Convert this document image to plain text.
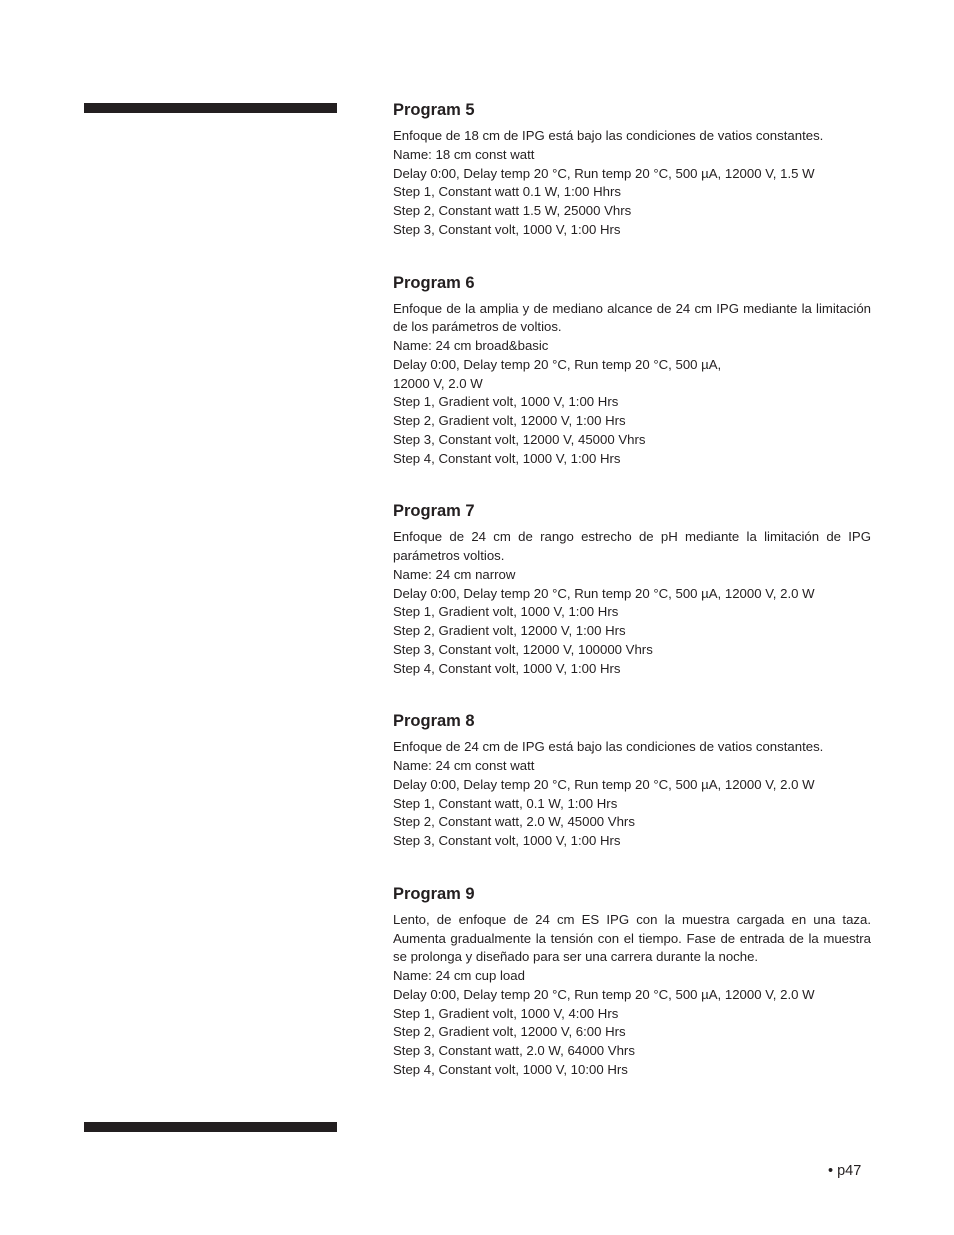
Program 5

Enfoque de 18 cm de IPG está bajo las condiciones de vatios constantes.

Name: 18 cm const watt
Delay 0:00, Delay temp 20 °C, Run temp 20 °C, 500 µA, 12000 V, 1.5 W
Step 1, Constant watt 0.1 W, 1:00 Hhrs
Step 2, Constant watt 1.5 W, 25000 Vhrs
Step 3, Constant volt, 1000 V, 1:00 Hrs
Program 6

Enfoque de la amplia y de mediano alcance de 24 cm IPG mediante la limitación de los parámetros de voltios.

Name: 24 cm broad&basic
Delay 0:00, Delay temp 20 °C, Run temp 20 °C, 500 µA,
12000 V, 2.0 W
Step 1, Gradient volt, 1000 V, 1:00 Hrs
Step 2, Gradient volt, 12000 V, 1:00 Hrs
Step 3, Constant volt, 12000 V, 45000 Vhrs
Step 4, Constant volt, 1000 V, 1:00 Hrs
Program 7

Enfoque de 24 cm de rango estrecho de pH mediante la limitación de IPG parámetros voltios.

Name: 24 cm narrow
Delay 0:00, Delay temp 20 °C, Run temp 20 °C, 500 µA, 12000 V, 2.0 W
Step 1, Gradient volt, 1000 V, 1:00 Hrs
Step 2, Gradient volt, 12000 V, 1:00 Hrs
Step 3, Constant volt, 12000 V, 100000 Vhrs
Step 4, Constant volt, 1000 V, 1:00 Hrs
Program 8

Enfoque de 24 cm de IPG está bajo las condiciones de vatios constantes.

Name: 24 cm const watt
Delay 0:00, Delay temp 20 °C, Run temp 20 °C, 500 µA, 12000 V, 2.0 W
Step 1, Constant watt, 0.1 W, 1:00 Hrs
Step 2, Constant watt, 2.0 W, 45000 Vhrs
Step 3, Constant volt, 1000 V, 1:00 Hrs
Program 9

Lento, de enfoque de 24 cm ES IPG con la muestra cargada en una taza. Aumenta gradualmente la tensión con el tiempo. Fase de entrada de la muestra se prolonga y diseñado para ser una carrera durante la noche.

Name: 24 cm cup load
Delay 0:00, Delay temp 20 °C, Run temp 20 °C, 500 µA, 12000 V, 2.0 W
Step 1, Gradient volt, 1000 V, 4:00 Hrs
Step 2, Gradient volt, 12000 V, 6:00 Hrs
Step 3, Constant watt, 2.0 W, 64000 Vhrs
Step 4, Constant volt, 1000 V, 10:00 Hrs
• p47
